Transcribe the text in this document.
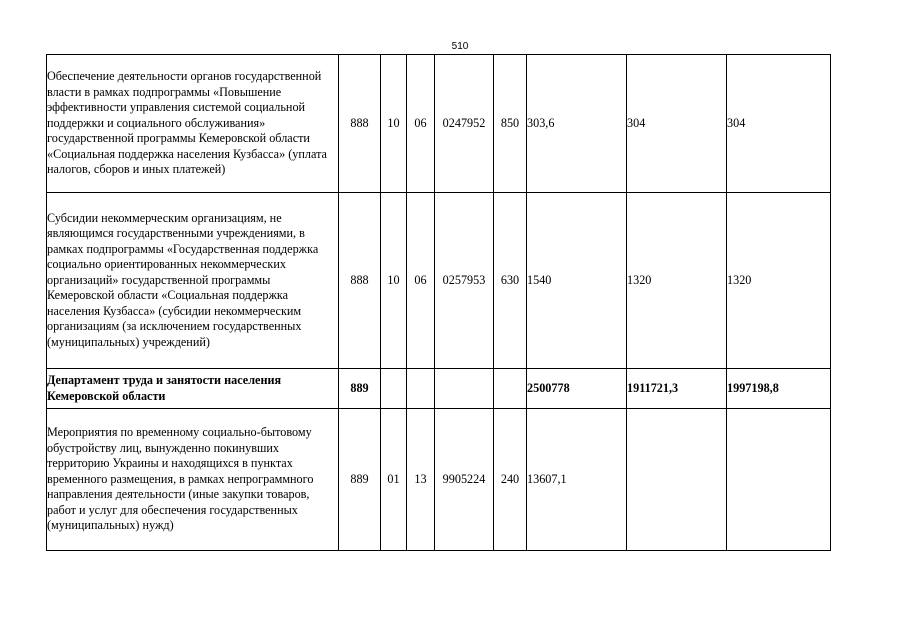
510
Обеспечение деятельности органов государственной власти в рамках подпрограммы «Повышение эффективности управления системой социальной поддержки и социального обслуживания» государственной программы Кемеровской области «Социальная поддержка населения Кузбасса» (уплата налогов, сборов и иных платежей)	888	10	06	0247952	850	303,6	304	304
Субсидии некоммерческим организациям, не являющимся государственными учреждениями, в рамках подпрограммы «Государственная поддержка социально ориентированных некоммерческих организаций» государственной программы Кемеровской области «Социальная поддержка населения Кузбасса» (субсидии некоммерческим организациям (за исключением государственных (муниципальных) учреждений)	888	10	06	0257953	630	1540	1320	1320
Департамент труда и занятости населения Кемеровской области	889					2500778	1911721,3	1997198,8
Мероприятия по временному социально-бытовому обустройству лиц, вынужденно покинувших территорию Украины и находящихся в пунктах временного размещения, в рамках непрограммного направления деятельности (иные закупки товаров, работ и услуг для обеспечения государственных (муниципальных) нужд)	889	01	13	9905224	240	13607,1		
